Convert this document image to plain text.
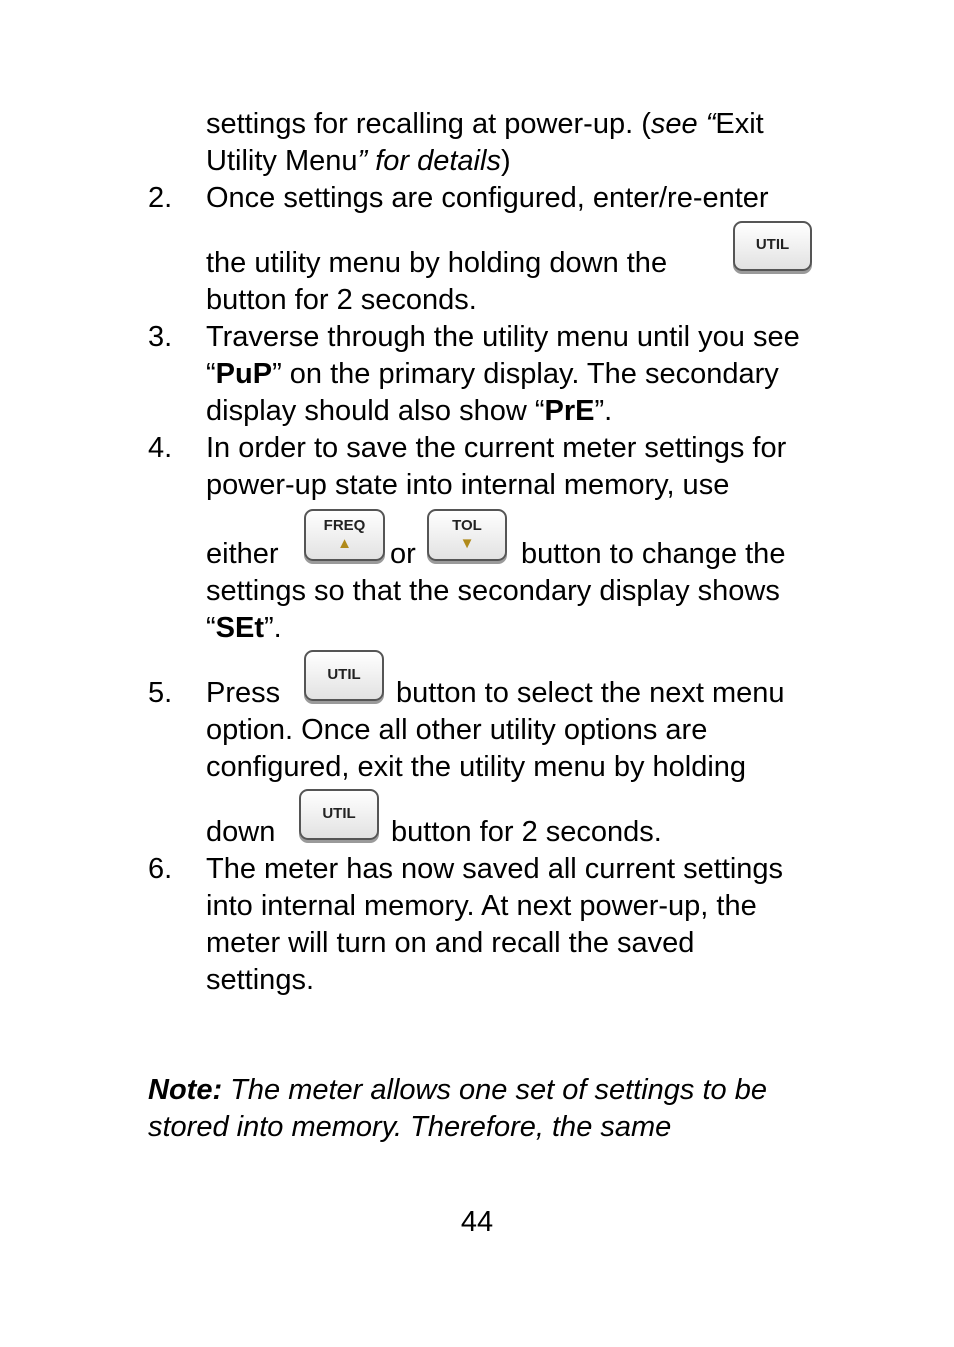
settings for recalling at power-up. (see “Exit
Utility Menu” for details)
2. Once settings are configured, enter/re-enter
the utility menu by holding down the
UTIL
button for 2 seconds.
3. Traverse through the utility menu until you see
“PuP” on the primary display. The secondary
display should also show “PrE”.
4. In order to save the current meter settings for
power-up state into internal memory, use
either
FREQ
▲	or
TOL
▼	button to change the
settings so that the secondary display shows
“SEt”.
5. Press
UTIL
button to select the next menu
option. Once all other utility options are
configured, exit the utility menu by holding
down
UTIL
button for 2 seconds.
6. The meter has now saved all current settings
into internal memory. At next power-up, the
meter will turn on and recall the saved
settings.
Note: The meter allows one set of settings to be
stored into memory. Therefore, the same
44
